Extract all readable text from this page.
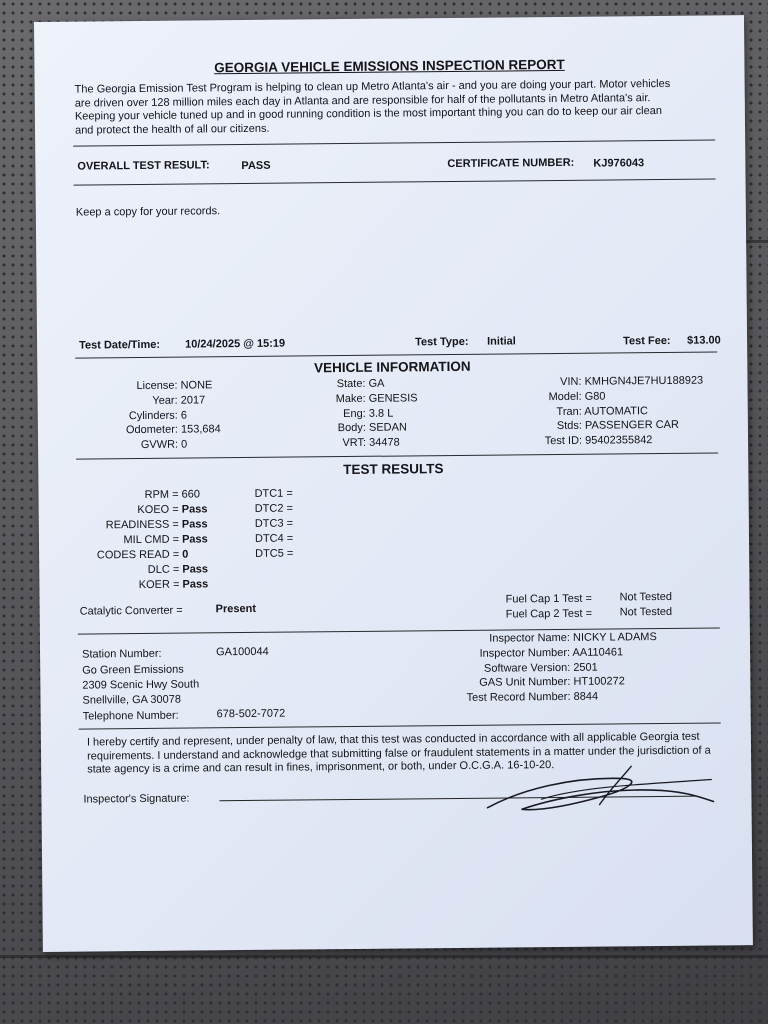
GEORGIA VEHICLE EMISSIONS INSPECTION REPORT
The Georgia Emission Test Program is helping to clean up Metro Atlanta's air - and you are doing your part. Motor vehicles are driven over 128 million miles each day in Atlanta and are responsible for half of the pollutants in Metro Atlanta's air. Keeping your vehicle tuned up and in good running condition is the most important thing you can do to keep our air clean and protect the health of all our citizens.
OVERALL TEST RESULT:	PASS	CERTIFICATE NUMBER: KJ976043
Keep a copy for your records.
Test Date/Time: 10/24/2025 @ 15:19	Test Type: Initial	Test Fee: $13.00
VEHICLE INFORMATION
License: NONE
Year: 2017
Cylinders: 6
Odometer: 153,684
GVWR: 0
State: GA
Make: GENESIS
Eng: 3.8 L
Body: SEDAN
VRT: 34478
VIN: KMHGN4JE7HU188923
Model: G80
Tran: AUTOMATIC
Stds: PASSENGER CAR
Test ID: 95402355842
TEST RESULTS
RPM = 660
KOEO = Pass
READINESS = Pass
MIL CMD = Pass
CODES READ = 0
DLC = Pass
KOER = Pass
DTC1 =
DTC2 =
DTC3 =
DTC4 =
DTC5 =
Catalytic Converter =	Present
Fuel Cap 1 Test =	Not Tested
Fuel Cap 2 Test =	Not Tested
Station Number:	GA100044
Go Green Emissions
2309 Scenic Hwy South
Snellville, GA 30078
Telephone Number:	678-502-7072
Inspector Name: NICKY L ADAMS
Inspector Number: AA110461
Software Version: 2501
GAS Unit Number: HT100272
Test Record Number: 8844
I hereby certify and represent, under penalty of law, that this test was conducted in accordance with all applicable Georgia test requirements. I understand and acknowledge that submitting false or fraudulent statements in a matter under the jurisdiction of a state agency is a crime and can result in fines, imprisonment, or both, under O.C.G.A. 16-10-20.
Inspector's Signature:
